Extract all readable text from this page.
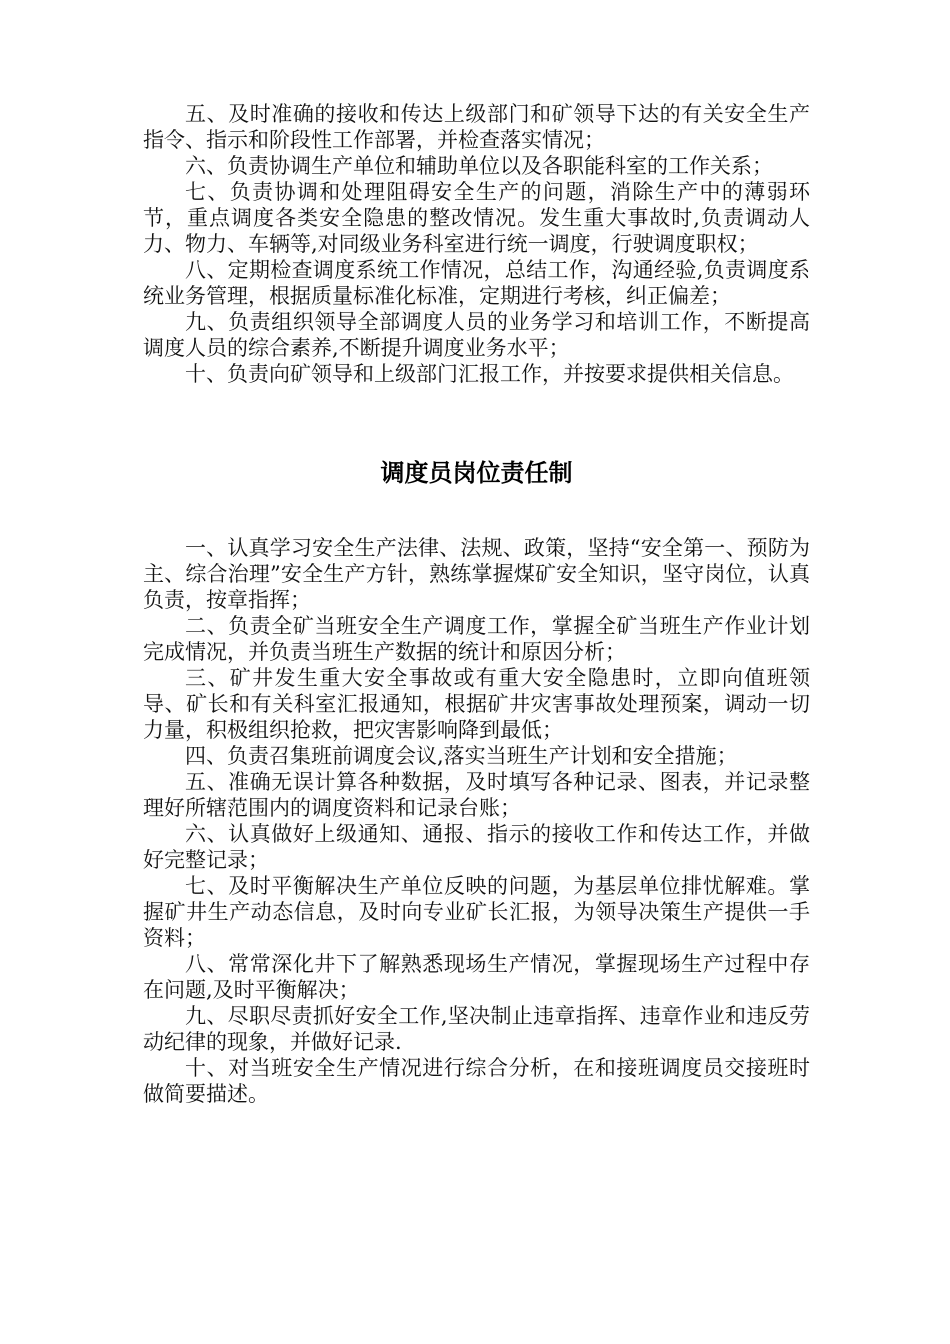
五、及时准确的接收和传达上级部门和矿领导下达的有关安全生产指令、指示和阶段性工作部署，并检查落实情况；

六、负责协调生产单位和辅助单位以及各职能科室的工作关系；

七、负责协调和处理阻碍安全生产的问题，消除生产中的薄弱环节，重点调度各类安全隐患的整改情况。发生重大事故时,负责调动人力、物力、车辆等,对同级业务科室进行统一调度，行驶调度职权；

八、定期检查调度系统工作情况，总结工作，沟通经验,负责调度系统业务管理，根据质量标准化标准，定期进行考核，纠正偏差；

九、负责组织领导全部调度人员的业务学习和培训工作，不断提高调度人员的综合素养,不断提升调度业务水平；

十、负责向矿领导和上级部门汇报工作，并按要求提供相关信息。

调度员岗位责任制

一、认真学习安全生产法律、法规、政策，坚持“安全第一、预防为　主、综合治理”安全生产方针，熟练掌握煤矿安全知识，坚守岗位，认真负责，按章指挥；

二、负责全矿当班安全生产调度工作，掌握全矿当班生产作业计划完成情况，并负责当班生产数据的统计和原因分析；

三、矿井发生重大安全事故或有重大安全隐患时，立即向值班领导、矿长和有关科室汇报通知，根据矿井灾害事故处理预案，调动一切力量，积极组织抢救，把灾害影响降到最低；

四、负责召集班前调度会议,落实当班生产计划和安全措施；

五、准确无误计算各种数据，及时填写各种记录、图表，并记录整理好所辖范围内的调度资料和记录台账；

六、认真做好上级通知、通报、指示的接收工作和传达工作，并做好完整记录；

七、及时平衡解决生产单位反映的问题，为基层单位排忧解难。掌握矿井生产动态信息，及时向专业矿长汇报，为领导决策生产提供一手资料；

八、常常深化井下了解熟悉现场生产情况，掌握现场生产过程中存在问题,及时平衡解决；

九、尽职尽责抓好安全工作,坚决制止违章指挥、违章作业和违反劳动纪律的现象，并做好记录.

十、对当班安全生产情况进行综合分析，在和接班调度员交接班时做简要描述。
